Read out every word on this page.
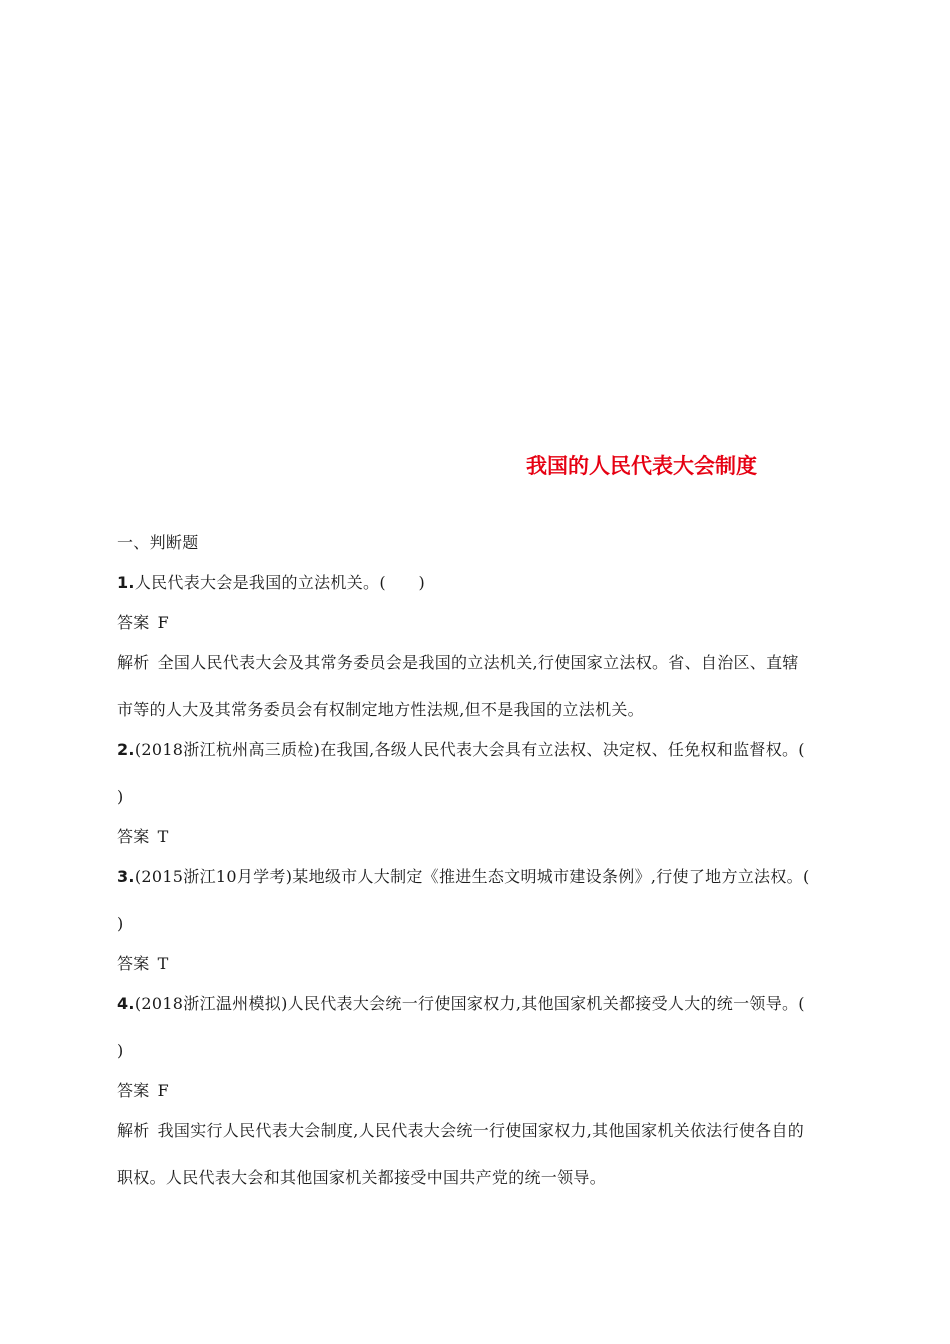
我国的人民代表大会制度
一、判断题
1.人民代表大会是我国的立法机关。(　　)
答案 F
解析 全国人民代表大会及其常务委员会是我国的立法机关,行使国家立法权。省、自治区、直辖
市等的人大及其常务委员会有权制定地方性法规,但不是我国的立法机关。
2.(2018浙江杭州高三质检)在我国,各级人民代表大会具有立法权、决定权、任免权和监督权。(
)
答案 T
3.(2015浙江10月学考)某地级市人大制定《推进生态文明城市建设条例》,行使了地方立法权。(
)
答案 T
4.(2018浙江温州模拟)人民代表大会统一行使国家权力,其他国家机关都接受人大的统一领导。(
)
答案 F
解析 我国实行人民代表大会制度,人民代表大会统一行使国家权力,其他国家机关依法行使各自的
职权。人民代表大会和其他国家机关都接受中国共产党的统一领导。
